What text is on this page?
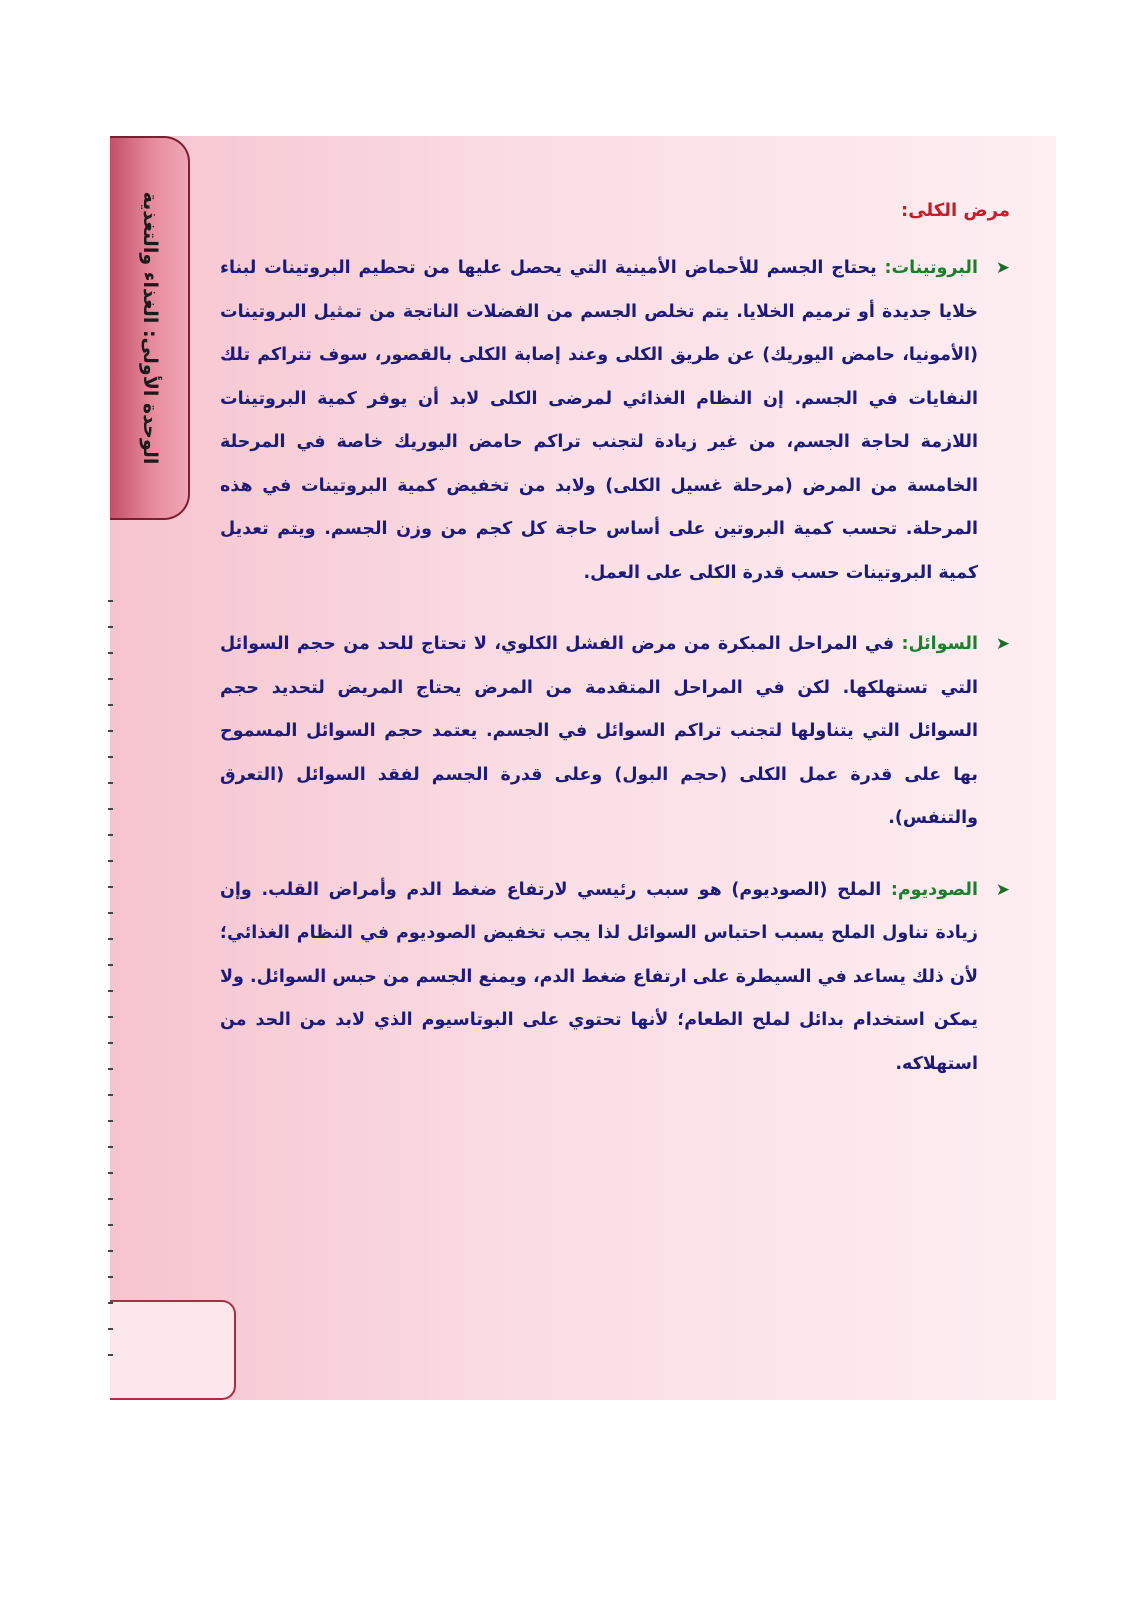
الوحدة الأولى: الغذاء والتغذية	مرض الكلى:
➤
البروتينات: يحتاج الجسم للأحماض الأمينية التي يحصل عليها من تحطيم البروتينات لبناء خلايا جديدة أو ترميم الخلايا. يتم تخلص الجسم من الفضلات الناتجة من تمثيل البروتينات (الأمونيا، حامض اليوريك) عن طريق الكلى وعند إصابة الكلى بالقصور، سوف تتراكم تلك النفايات في الجسم. إن النظام الغذائي لمرضى الكلى لابد أن يوفر كمية البروتينات اللازمة لحاجة الجسم، من غير زيادة لتجنب تراكم حامض اليوريك خاصة في المرحلة الخامسة من المرض (مرحلة غسيل الكلى) ولابد من تخفيض كمية البروتينات في هذه المرحلة. تحسب كمية البروتين على أساس حاجة كل كجم من وزن الجسم. ويتم تعديل كمية البروتينات حسب قدرة الكلى على العمل.
➤
السوائل: في المراحل المبكرة من مرض الفشل الكلوي، لا تحتاج للحد من حجم السوائل التي تستهلكها. لكن في المراحل المتقدمة من المرض يحتاج المريض لتحديد حجم السوائل التي يتناولها لتجنب تراكم السوائل في الجسم. يعتمد حجم السوائل المسموح بها على قدرة عمل الكلى (حجم البول) وعلى قدرة الجسم لفقد السوائل (التعرق والتنفس).
➤
الصوديوم: الملح (الصوديوم) هو سبب رئيسي لارتفاع ضغط الدم وأمراض القلب. وإن زيادة تناول الملح يسبب احتباس السوائل لذا يجب تخفيض الصوديوم في النظام الغذائي؛ لأن ذلك يساعد في السيطرة على ارتفاع ضغط الدم، ويمنع الجسم من حبس السوائل. ولا يمكن استخدام بدائل لملح الطعام؛ لأنها تحتوي على البوتاسيوم الذي لابد من الحد من استهلاكه.
